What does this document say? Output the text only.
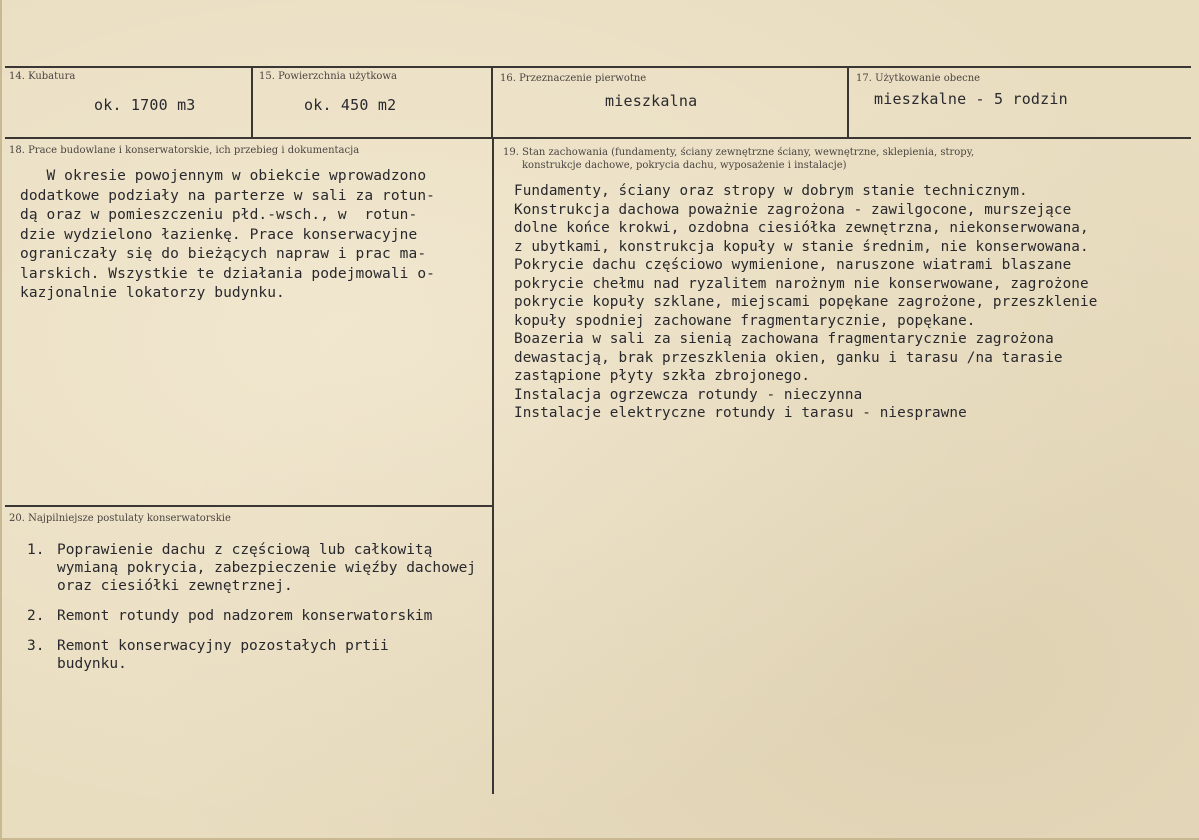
14. Kubatura
ok. 1700 m3
15. Powierzchnia użytkowa
ok. 450 m2
16. Przeznaczenie pierwotne
mieszkalna
17. Użytkowanie obecne
mieszkalne - 5 rodzin
18. Prace budowlane i konserwatorskie, ich przebieg i dokumentacja
W okresie powojennym w obiekcie wprowadzono
dodatkowe podziały na parterze w sali za rotun-
dą oraz w pomieszczeniu płd.-wsch., w  rotun-
dzie wydzielono łazienkę. Prace konserwacyjne
ograniczały się do bieżących napraw i prac ma-
larskich. Wszystkie te działania podejmowali o-
kazjonalnie lokatorzy budynku.
19. Stan zachowania (fundamenty, ściany zewnętrzne ściany, wewnętrzne, sklepienia, stropy,
konstrukcje dachowe, pokrycia dachu, wyposażenie i instalacje)
Fundamenty, ściany oraz stropy w dobrym stanie technicznym.
Konstrukcja dachowa poważnie zagrożona - zawilgocone, murszejące
dolne końce krokwi, ozdobna ciesiółka zewnętrzna, niekonserwowana,
z ubytkami, konstrukcja kopuły w stanie średnim, nie konserwowana.
Pokrycie dachu częściowo wymienione, naruszone wiatrami blaszane
pokrycie chełmu nad ryzalitem narożnym nie konserwowane, zagrożone
pokrycie kopuły szklane, miejscami popękane zagrożone, przeszklenie
kopuły spodniej zachowane fragmentarycznie, popękane.
Boazeria w sali za sienią zachowana fragmentarycznie zagrożona
dewastacją, brak przeszklenia okien, ganku i tarasu /na tarasie
zastąpione płyty szkła zbrojonego.
Instalacja ogrzewcza rotundy - nieczynna
Instalacje elektryczne rotundy i tarasu - niesprawne
20. Najpilniejsze postulaty konserwatorskie
1. Poprawienie dachu z częściową lub całkowitą
wymianą pokrycia, zabezpieczenie więźby dachowej
oraz ciesiółki zewnętrznej.
2. Remont rotundy pod nadzorem konserwatorskim
3. Remont konserwacyjny pozostałych prtii
budynku.
